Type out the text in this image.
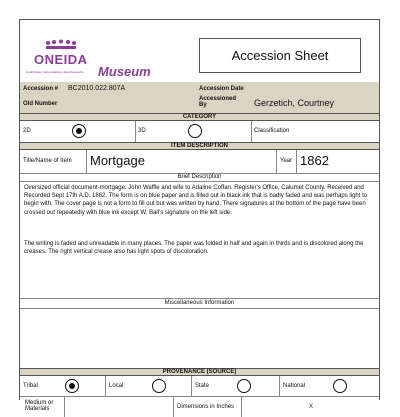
ONEIDA
Ayakhnikwe Kakomalaktye Ukwehuwenéha Museum
Accession Sheet
Accession # BC2010.022.807A	Accession Date
Old Number
Accessioned
By	Gerzetich, Courtney
CATEGORY
2D	3D	Classification
ITEM DESCRIPTION
Title/Name of Item Mortgage	Year 1862
Brief Description
Oversized official document-mortgage. John Waffle and wife to Adaline Coffan. Register's Office, Calumet County. Received and Recorded Sept 17th A.D. 1862. The form is on blue paper and is filled out in black ink that is badly faded and was perhaps light to begin with. The cover page is not a form to fill out but was written by hand. There signatures at the bottom of the page have been crossed out repeatedly with blue ink except W. Ball's signature on the left side.
The writing is faded and unreadable in many places. The paper was folded in half and again in thirds and is discolored along the creases. The right vertical crease also has light spots of discoloration.
Miscellaneous Information
PROVENANCE (SOURCE)
Tribal	Local	State	National
Medium or
Materials	Dimensions in Inches	X
